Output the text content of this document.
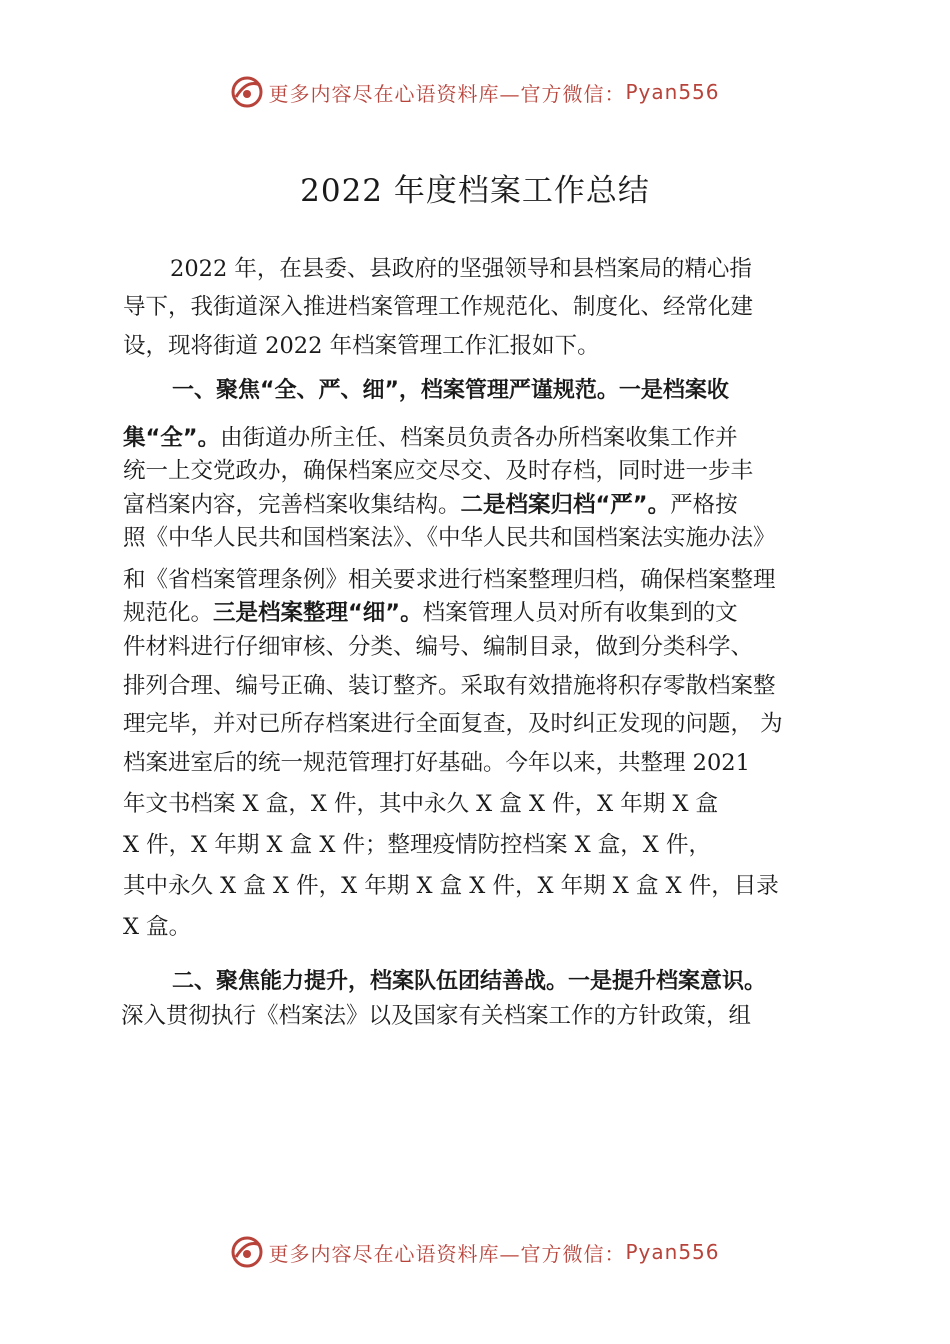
更多内容尽在心语资料库—官方微信： Pyan556
2022 年度档案工作总结
2022 年，在县委、县政府的坚强领导和县档案局的精心指
导下，我街道深入推进档案管理工作规范化、制度化、经常化建
设，现将街道 2022 年档案管理工作汇报如下。
一、聚焦“全、严、细”，档案管理严谨规范。一是档案收
集“全”。由街道办所主任、档案员负责各办所档案收集工作并
统一上交党政办，确保档案应交尽交、及时存档，同时进一步丰
富档案内容，完善档案收集结构。二是档案归档“严”。严格按
照《中华人民共和国档案法》、《中华人民共和国档案法实施办法》
和《省档案管理条例》相关要求进行档案整理归档，确保档案整理
规范化。三是档案整理“细”。档案管理人员对所有收集到的文
件材料进行仔细审核、分类、编号、编制目录，做到分类科学、
排列合理、编号正确、装订整齐。采取有效措施将积存零散档案整
理完毕，并对已所存档案进行全面复查，及时纠正发现的问题， 为
档案进室后的统一规范管理打好基础。今年以来，共整理 2021
年文书档案 X 盒，X 件，其中永久 X 盒 X 件，X 年期 X 盒
X 件，X 年期 X 盒 X 件；整理疫情防控档案 X 盒，X 件，
其中永久 X 盒 X 件，X 年期 X 盒 X 件，X 年期 X 盒 X 件，目录
X 盒。
二、聚焦能力提升，档案队伍团结善战。一是提升档案意识。
深入贯彻执行《档案法》以及国家有关档案工作的方针政策，组
更多内容尽在心语资料库—官方微信： Pyan556
